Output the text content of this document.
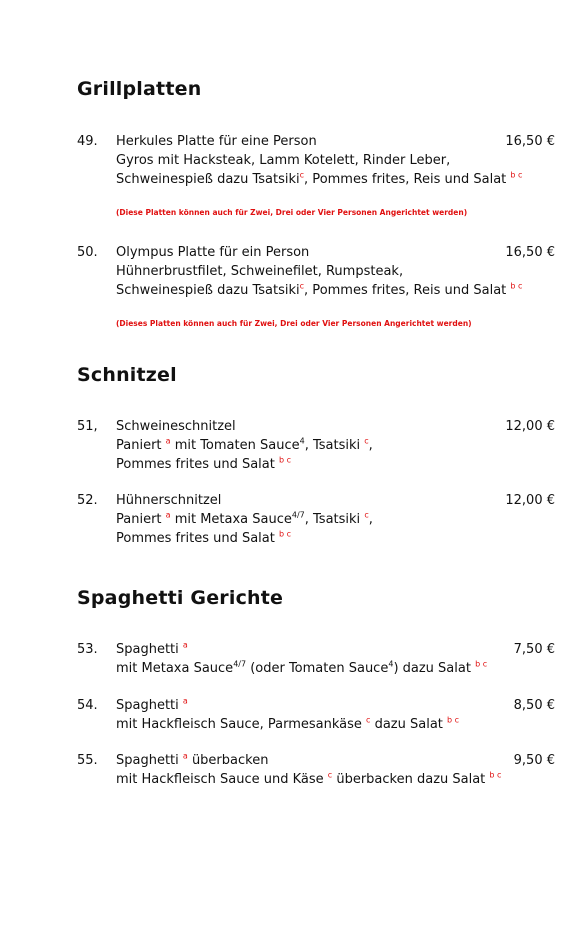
Grillplatten
49. Herkules Platte für eine Person
Gyros mit Hacksteak, Lamm Kotelett, Rinder Leber,
Schweinespieß dazu Tsatsiki$^c$, Pommes frites, Reis und Salat $^{b c}$
16,50 €
(Diese Platten können auch für Zwei, Drei oder Vier Personen Angerichtet werden)
50. Olympus Platte für ein Person
Hühnerbrustfilet, Schweinefilet, Rumpsteak,
Schweinespieß dazu Tsatsiki$^c$, Pommes frites, Reis und Salat $^{b c}$
16,50 €
(Dieses Platten können auch für Zwei, Drei oder Vier Personen Angerichtet werden)
Schnitzel
51, Schweineschnitzel
Paniert $^a$ mit Tomaten Sauce$^4$, Tsatsiki $^c$,
Pommes frites und Salat $^{b c}$
12,00 €
52. Hühnerschnitzel
Paniert $^a$ mit Metaxa Sauce$^{4/7}$, Tsatsiki $^c$,
Pommes frites und Salat $^{b c}$
12,00 €
Spaghetti Gerichte
53. Spaghetti $^a$
mit Metaxa Sauce$^{4/7}$ (oder Tomaten Sauce$^4$) dazu Salat $^{b c}$
7,50 €
54. Spaghetti $^a$
mit Hackfleisch Sauce, Parmesankäse $^c$ dazu Salat $^{b c}$
8,50 €
55. Spaghetti $^a$ überbacken
mit Hackfleisch Sauce und Käse $^c$ überbacken dazu Salat $^{b c}$
9,50 €
